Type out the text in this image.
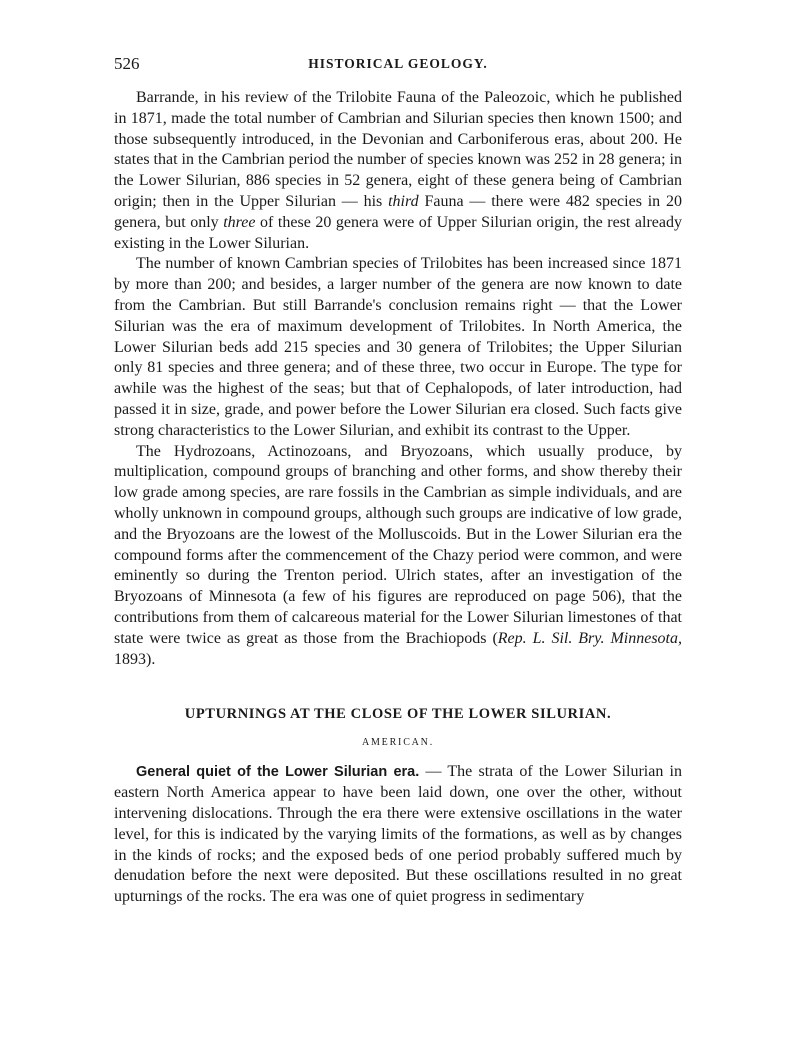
526	HISTORICAL GEOLOGY.

Barrande, in his review of the Trilobite Fauna of the Paleozoic, which he published in 1871, made the total number of Cambrian and Silurian species then known 1500; and those subsequently introduced, in the Devonian and Carboniferous eras, about 200. He states that in the Cambrian period the number of species known was 252 in 28 genera; in the Lower Silurian, 886 species in 52 genera, eight of these genera being of Cambrian origin; then in the Upper Silurian — his third Fauna — there were 482 species in 20 genera, but only three of these 20 genera were of Upper Silurian origin, the rest already existing in the Lower Silurian.

The number of known Cambrian species of Trilobites has been increased since 1871 by more than 200; and besides, a larger number of the genera are now known to date from the Cambrian. But still Barrande's conclusion remains right — that the Lower Silurian was the era of maximum development of Trilobites. In North America, the Lower Silurian beds add 215 species and 30 genera of Trilobites; the Upper Silurian only 81 species and three genera; and of these three, two occur in Europe. The type for awhile was the highest of the seas; but that of Cephalopods, of later introduction, had passed it in size, grade, and power before the Lower Silurian era closed. Such facts give strong characteristics to the Lower Silurian, and exhibit its contrast to the Upper.

The Hydrozoans, Actinozoans, and Bryozoans, which usually produce, by multiplication, compound groups of branching and other forms, and show thereby their low grade among species, are rare fossils in the Cambrian as simple individuals, and are wholly unknown in compound groups, although such groups are indicative of low grade, and the Bryozoans are the lowest of the Molluscoids. But in the Lower Silurian era the compound forms after the commencement of the Chazy period were common, and were eminently so during the Trenton period. Ulrich states, after an investigation of the Bryozoans of Minnesota (a few of his figures are reproduced on page 506), that the contributions from them of calcareous material for the Lower Silurian limestones of that state were twice as great as those from the Brachiopods (Rep. L. Sil. Bry. Minnesota, 1893).

UPTURNINGS AT THE CLOSE OF THE LOWER SILURIAN.
AMERICAN.

General quiet of the Lower Silurian era. — The strata of the Lower Silurian in eastern North America appear to have been laid down, one over the other, without intervening dislocations. Through the era there were extensive oscillations in the water level, for this is indicated by the varying limits of the formations, as well as by changes in the kinds of rocks; and the exposed beds of one period probably suffered much by denudation before the next were deposited. But these oscillations resulted in no great upturnings of the rocks. The era was one of quiet progress in sedimentary
